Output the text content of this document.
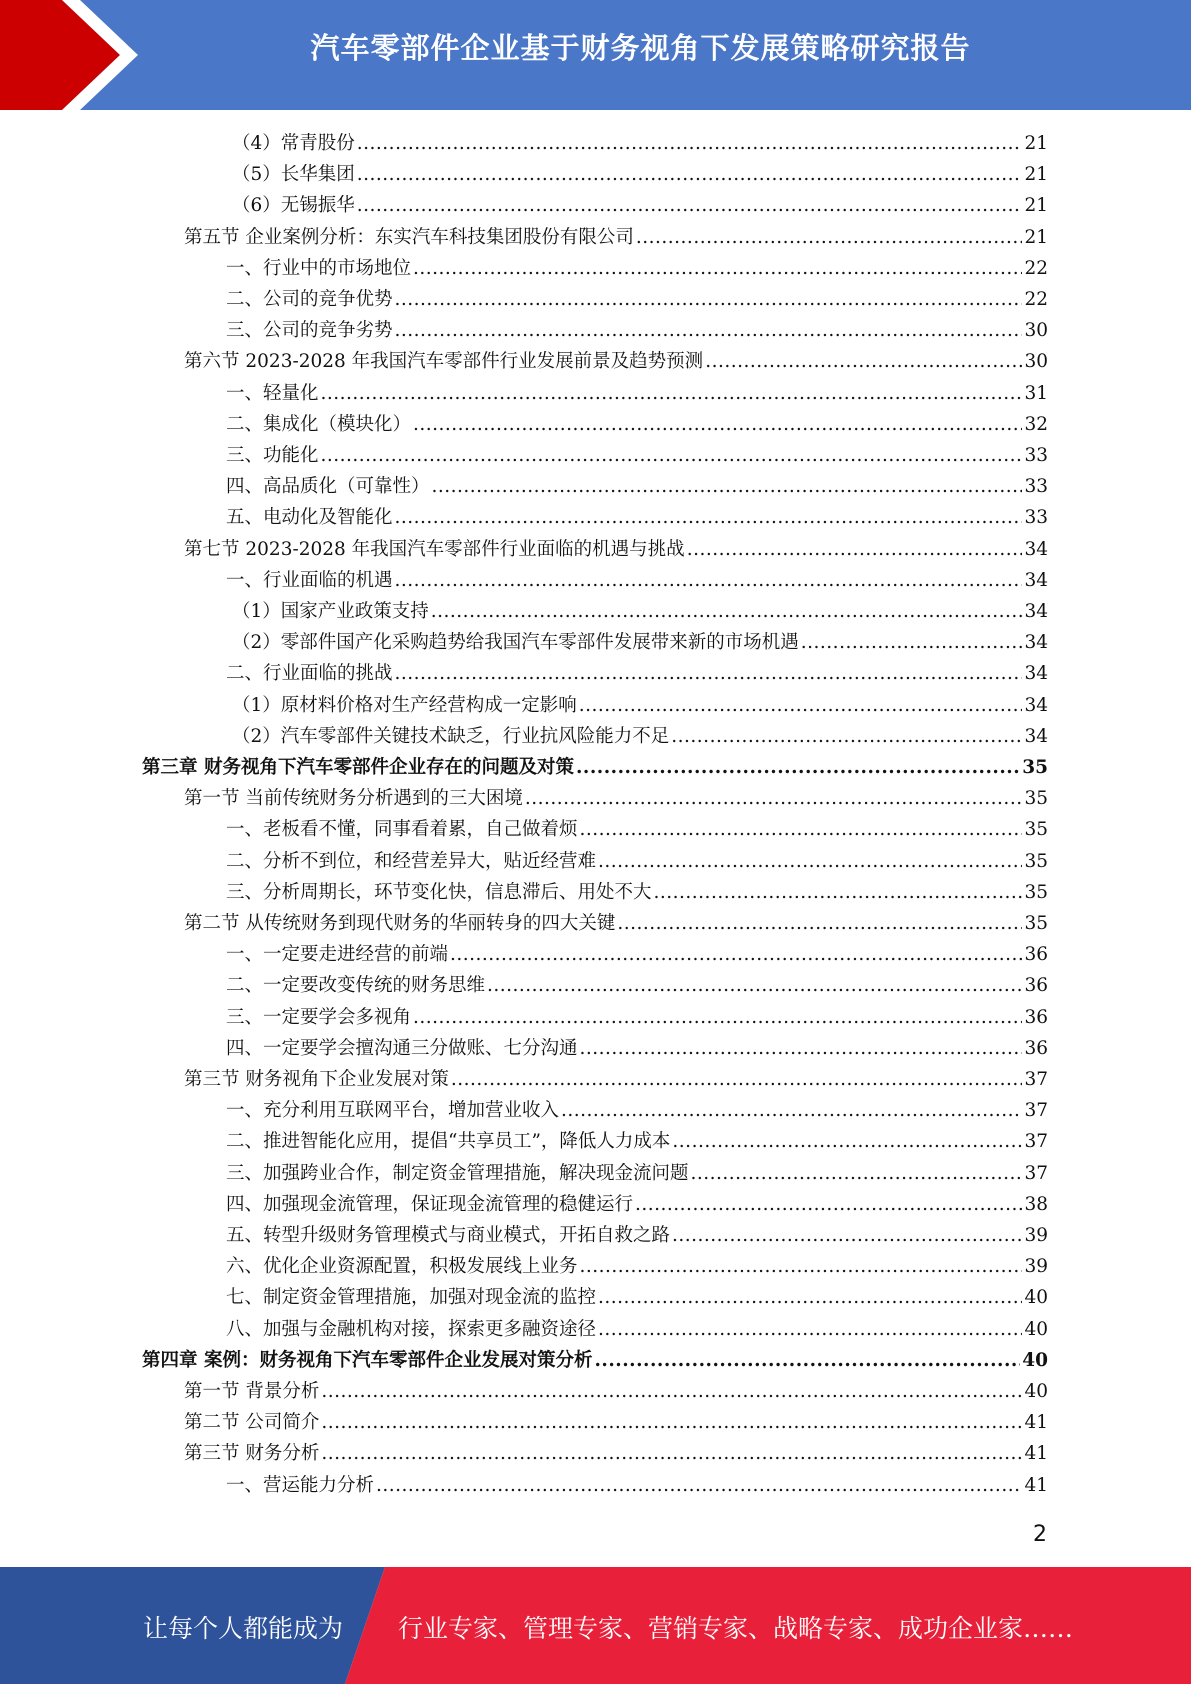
汽车零部件企业基于财务视角下发展策略研究报告
（4）常青股份 .....	21
（5）长华集团 .....	21
（6）无锡振华 .....	21
第五节 企业案例分析：东实汽车科技集团股份有限公司 .....	21
一、行业中的市场地位 .....	22
二、公司的竞争优势 .....	22
三、公司的竞争劣势 .....	30
第六节 2023-2028 年我国汽车零部件行业发展前景及趋势预测 .....	30
一、轻量化 .....	31
二、集成化（模块化） .....	32
三、功能化 .....	33
四、高品质化（可靠性） .....	33
五、电动化及智能化 .....	33
第七节 2023-2028 年我国汽车零部件行业面临的机遇与挑战 .....	34
一、行业面临的机遇 .....	34
（1）国家产业政策支持 .....	34
（2）零部件国产化采购趋势给我国汽车零部件发展带来新的市场机遇 .....	34
二、行业面临的挑战 .....	34
（1）原材料价格对生产经营构成一定影响 .....	34
（2）汽车零部件关键技术缺乏，行业抗风险能力不足 .....	34
第三章 财务视角下汽车零部件企业存在的问题及对策 .....	35
第一节 当前传统财务分析遇到的三大困境 .....	35
一、老板看不懂，同事看着累，自己做着烦 .....	35
二、分析不到位，和经营差异大，贴近经营难 .....	35
三、分析周期长，环节变化快，信息滞后、用处不大 .....	35
第二节 从传统财务到现代财务的华丽转身的四大关键 .....	35
一、一定要走进经营的前端 .....	36
二、一定要改变传统的财务思维 .....	36
三、一定要学会多视角 .....	36
四、一定要学会擅沟通三分做账、七分沟通 .....	36
第三节 财务视角下企业发展对策 .....	37
一、充分利用互联网平台，增加营业收入 .....	37
二、推进智能化应用，提倡“共享员工”，降低人力成本 .....	37
三、加强跨业合作，制定资金管理措施，解决现金流问题 .....	37
四、加强现金流管理，保证现金流管理的稳健运行 .....	38
五、转型升级财务管理模式与商业模式，开拓自救之路 .....	39
六、优化企业资源配置，积极发展线上业务 .....	39
七、制定资金管理措施，加强对现金流的监控 .....	40
八、加强与金融机构对接，探索更多融资途径 .....	40
第四章 案例：财务视角下汽车零部件企业发展对策分析 .....	40
第一节 背景分析 .....	40
第二节 公司简介 .....	41
第三节 财务分析 .....	41
一、营运能力分析 .....	41
2
让每个人都能成为 行业专家、管理专家、营销专家、战略专家、成功企业家……
